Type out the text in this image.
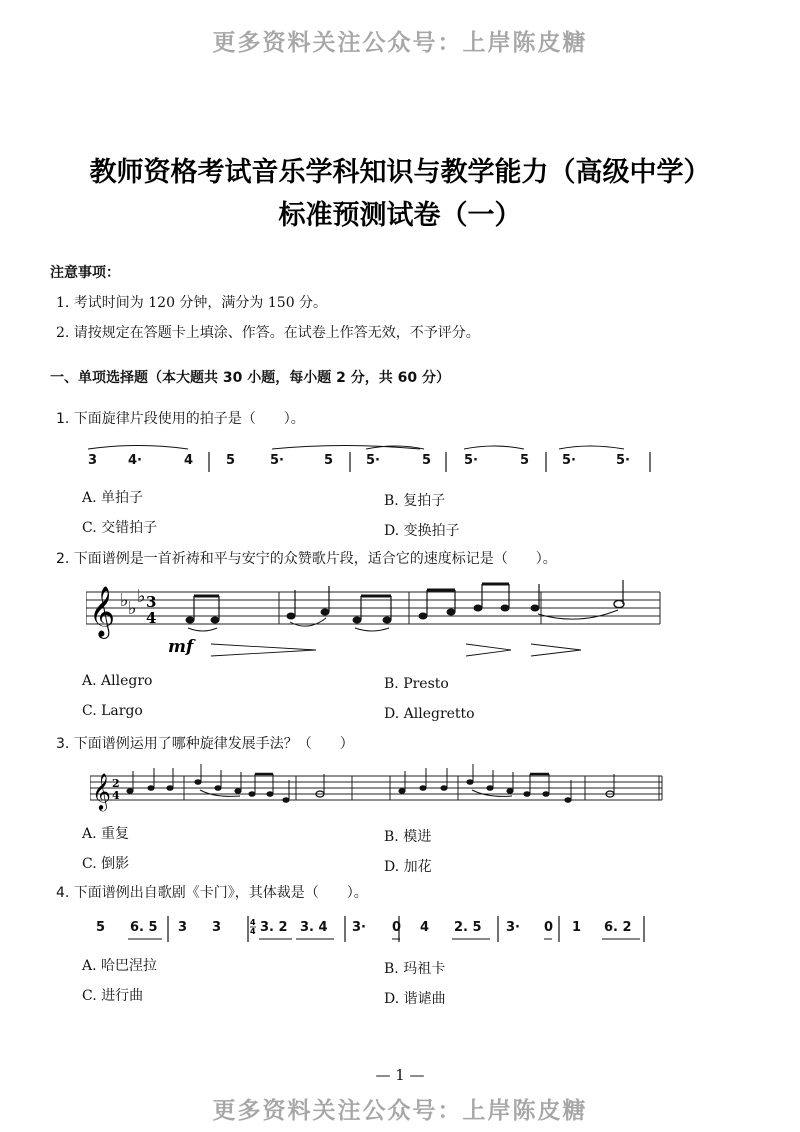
更多资料关注公众号：上岸陈皮糖
教师资格考试音乐学科知识与教学能力（高级中学）
标准预测试卷（一）
注意事项：
1. 考试时间为 120 分钟，满分为 150 分。
2. 请按规定在答题卡上填涂、作答。在试卷上作答无效，不予评分。
一、单项选择题（本大题共 30 小题，每小题 2 分，共 60 分）
1. 下面旋律片段使用的拍子是（　　）。
3 4·	4	5	5·	5	5·	5	5·	5	5·	5·
A. 单拍子	B. 复拍子
C. 交错拍子	D. 变换拍子
2. 下面谱例是一首祈祷和平与安宁的众赞歌片段，适合它的速度标记是（　　）。
𝄞 ♭ ♭
♭ 3
4
mf
A. Allegro	B. Presto
C. Largo	D. Allegretto
3. 下面谱例运用了哪种旋律发展手法？（　　）
𝄞 2
4
A. 重复	B. 模进
C. 倒影	D. 加花
4. 下面谱例出自歌剧《卡门》，其体裁是（　　）。
4
4
5 6. 5 3 3	3. 2 3. 4 3· 0 4 2. 5 3· 0 1 6. 2
A. 哈巴涅拉	B. 玛祖卡
C. 进行曲	D. 谐谑曲
— 1 —
更多资料关注公众号：上岸陈皮糖
